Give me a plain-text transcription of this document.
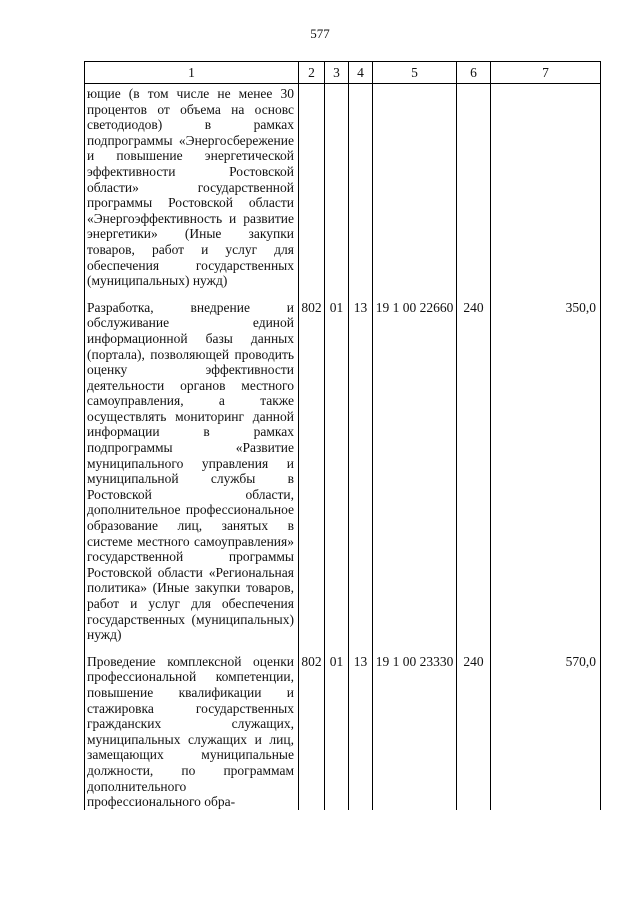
577
1	2	3	4	5	6	7
ющие (в том числе не менее 30 процентов от объема на основс светодиодов) в рамках подпрограммы «Энергосбережение и повышение энергетической эффективности Ростовской области» государственной программы Ростовской области «Энергоэффективность и развитие энергетики» (Иные закупки товаров, работ и услуг для обеспечения государственных (муниципальных) нужд)						

Разработка, внедрение и обслуживание единой информационной базы данных (портала), позволяющей проводить оценку эффективности деятельности органов местного самоуправления, а также осуществлять мониторинг данной информации в рамках подпрограммы «Развитие муниципального управления и муниципальной службы в Ростовской области, дополнительное профессиональное образование лиц, занятых в системе местного самоуправления» государственной программы Ростовской области «Региональная политика» (Иные закупки товаров, работ и услуг для обеспечения государственных (муниципальных) нужд)	802	01	13	19 1 00 22660	240	350,0

Проведение комплексной оценки профессиональной компетенции, повышение квалификации и стажировка государственных гражданских служащих, муниципальных служащих и лиц, замещающих муниципальные должности, по программам дополнительного профессионального обра-	802	01	13	19 1 00 23330	240	570,0
